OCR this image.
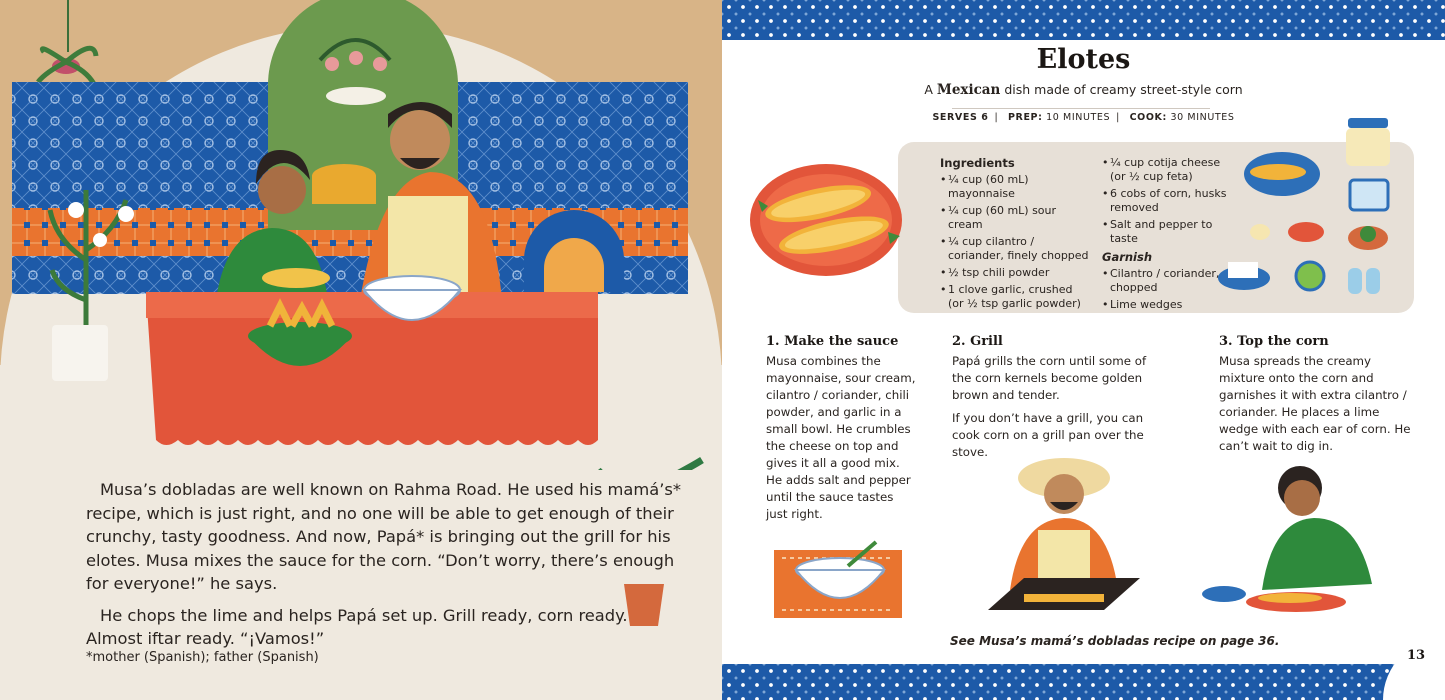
Musa’s dobladas are well known on Rahma Road. He used his mamá’s* recipe, which is just right, and no one will be able to get enough of their crunchy, tasty goodness. And now, Papá* is bringing out the grill for his elotes. Musa mixes the sauce for the corn. “Don’t worry, there’s enough for everyone!” he says.

He chops the lime and helps Papá set up. Grill ready, corn ready. Almost iftar ready. “¡Vamos!”

*mother (Spanish); father (Spanish)
Elotes
A Mexican dish made of creamy street-style corn
SERVES 6 | PREP: 10 MINUTES | COOK: 30 MINUTES
Ingredients
• ¼ cup (60 mL) mayonnaise
• ¼ cup (60 mL) sour cream
• ¼ cup cilantro / coriander, finely chopped
• ½ tsp chili powder
• 1 clove garlic, crushed (or ½ tsp garlic powder)
• ¼ cup cotija cheese (or ½ cup feta)
• 6 cobs of corn, husks removed
• Salt and pepper to taste
Garnish
• Cilantro / coriander, chopped
• Lime wedges
1. Make the sauce

Musa combines the mayonnaise, sour cream, cilantro / coriander, chili powder, and garlic in a small bowl. He crumbles the cheese on top and gives it all a good mix. He adds salt and pepper until the sauce tastes just right.

2. Grill

Papá grills the corn until some of the corn kernels become golden brown and tender.

If you don’t have a grill, you can cook corn on a grill pan over the stove.

3. Top the corn

Musa spreads the creamy mixture onto the corn and garnishes it with extra cilantro / coriander. He places a lime wedge with each ear of corn. He can’t wait to dig in.

See Musa’s mamá’s dobladas recipe on page 36.
13
